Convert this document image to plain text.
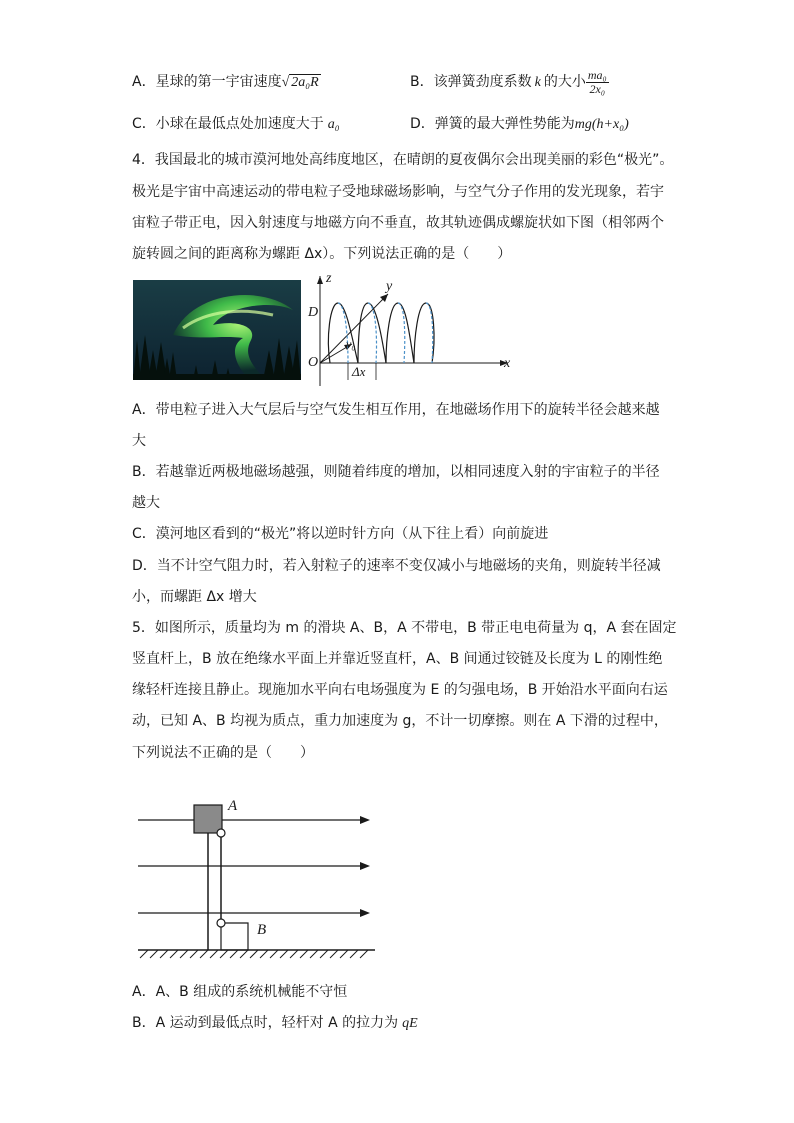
A．星球的第一宇宙速度√ 2a₀R	B．该弹簧劲度系数 k 的大小 $\frac{\text{ma₀}}{\text{2x₀}}$
C．小球在最低点处加速度大于 a₀	D．弹簧的最大弹性势能为mg(h+x₀)
4．我国最北的城市漠河地处高纬度地区，在晴朗的夏夜偶尔会出现美丽的彩色“极光”。
极光是宇宙中高速运动的带电粒子受地球磁场影响，与空气分子作用的发光现象，若宇
宙粒子带正电，因入射速度与地磁方向不垂直，故其轨迹偶成螺旋状如下图（相邻两个
旋转圆之间的距离称为螺距 Δx）。下列说法正确的是（　　）
O
D
z
y
x
v₀
Δx
A．带电粒子进入大气层后与空气发生相互作用，在地磁场作用下的旋转半径会越来越
大
B．若越靠近两极地磁场越强，则随着纬度的增加，以相同速度入射的宇宙粒子的半径
越大
C．漠河地区看到的“极光”将以逆时针方向（从下往上看）向前旋进
D．当不计空气阻力时，若入射粒子的速率不变仅减小与地磁场的夹角，则旋转半径减
小，而螺距 Δx 增大
5．如图所示，质量均为 m 的滑块 A、B，A 不带电，B 带正电电荷量为 q，A 套在固定
竖直杆上，B 放在绝缘水平面上并靠近竖直杆，A、B 间通过铰链及长度为 L 的刚性绝
缘轻杆连接且静止。现施加水平向右电场强度为 E 的匀强电场，B 开始沿水平面向右运
动，已知 A、B 均视为质点，重力加速度为 g，不计一切摩擦。则在 A 下滑的过程中，
下列说法不正确的是（　　）
A
B
A．A、B 组成的系统机械能不守恒
B．A 运动到最低点时，轻杆对 A 的拉力为 qE
